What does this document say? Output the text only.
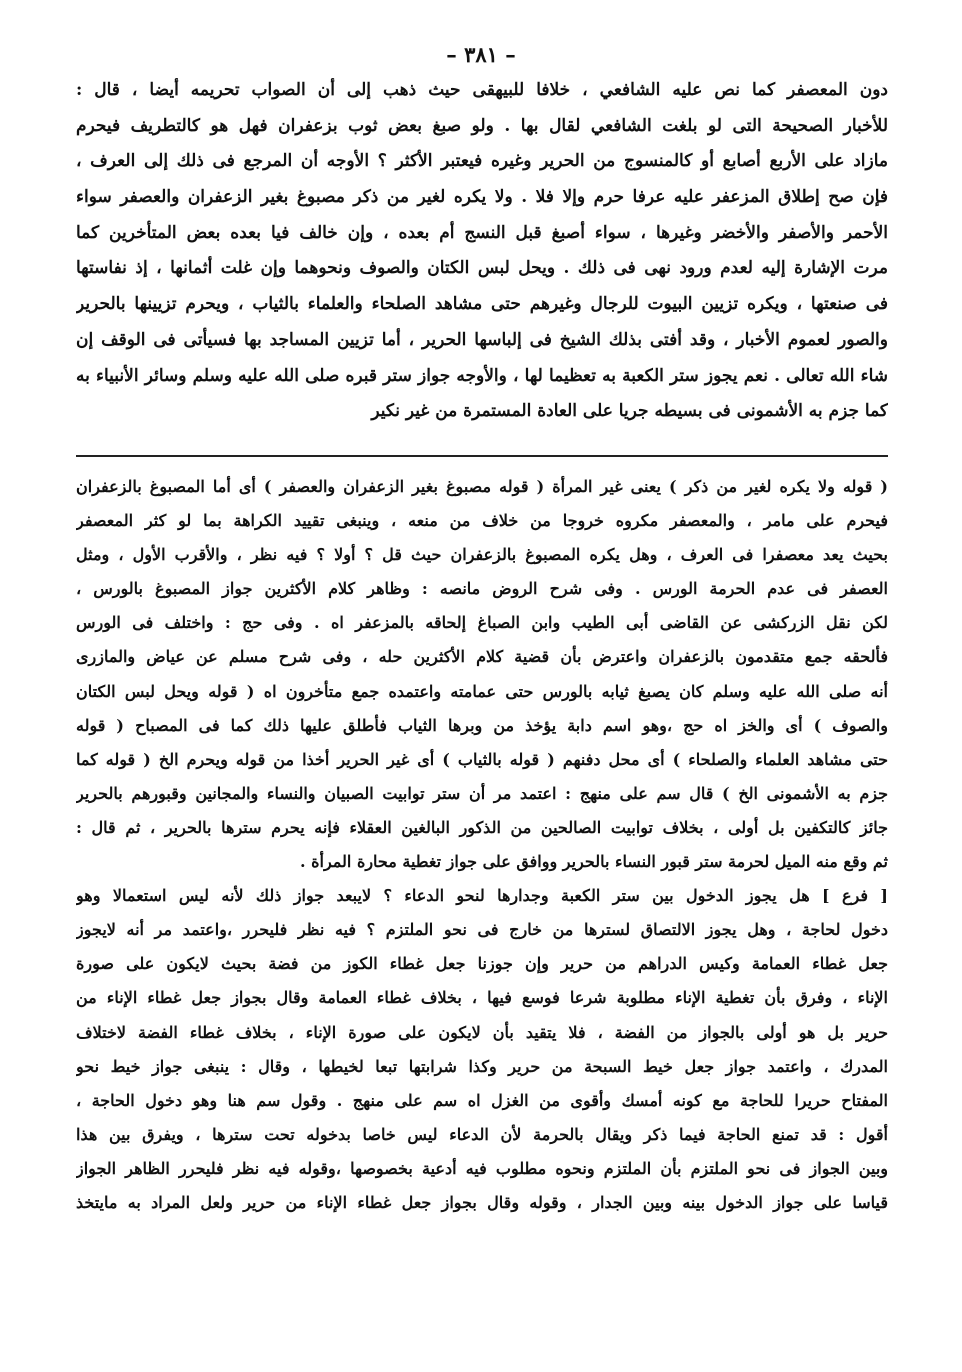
– ٣٨١ –
دون المعصفر كما نص عليه الشافعي ، خلافا للبيهقى حيث ذهب إلى أن الصواب تحريمه أيضا ، قال :
للأخبار الصحيحة التى لو بلغت الشافعي لقال بها . ولو صبغ بعض ثوب بزعفران فهل هو كالتطريف فيحرم
مازاد على الأربع أصابع أو كالمنسوج من الحرير وغيره فيعتبر الأكثر ؟ الأوجه أن المرجع فى ذلك إلى العرف ،
فإن صح إطلاق المزعفر عليه عرفا حرم وإلا فلا . ولا يكره لغير من ذكر مصبوغ بغير الزعفران والعصفر سواء
الأحمر والأصفر والأخضر وغيرها ، سواء أصبغ قبل النسج أم بعده ، وإن خالف فيا بعده بعض المتأخرين كما
مرت الإشارة إليه لعدم ورود نهى فى ذلك . ويحل لبس الكتان والصوف ونحوهما وإن غلت أثمانها ، إذ نفاستها
فى صنعتها ، ويكره تزيين البيوت للرجال وغيرهم حتى مشاهد الصلحاء والعلماء بالثياب ، ويحرم تزيينها بالحرير
والصور لعموم الأخبار ، وقد أفتى بذلك الشيخ فى إلباسها الحرير ، أما تزيين المساجد بها فسيأتى فى الوقف إن
شاء الله تعالى . نعم يجوز ستر الكعبة به تعظيما لها ، والأوجه جواز ستر قبره صلى الله عليه وسلم وسائر الأنبياء به
كما جزم به الأشمونى فى بسيطه جريا على العادة المستمرة من غير نكير
( قوله ولا يكره لغير من ذكر ) يعنى غير المرأة ( قوله مصبوغ بغير الزعفران والعصفر ) أى أما المصبوغ بالزعفران
فيحرم على مامر ، والمعصفر مكروه خروجا من خلاف من منعه ، وينبغى تقييد الكراهة بما لو كثر المعصفر
بحيث يعد معصفرا فى العرف ، وهل يكره المصبوغ بالزعفران حيث قل ؟ أولا ؟ فيه نظر ، والأقرب الأول ، ومثل
العصفر فى عدم الحرمة الورس . وفى شرح الروض مانصه : وظاهر كلام الأكثرين جواز المصبوغ بالورس ،
لكن نقل الزركشى عن القاضى أبى الطيب وابن الصباغ إلحاقه بالمزعفر اه . وفى حج : واختلف فى الورس
فألحقه جمع متقدمون بالزعفران واعترض بأن قضية كلام الأكثرين حله ، وفى شرح مسلم عن عياض والمازرى
أنه صلى الله عليه وسلم كان يصبغ ثيابه بالورس حتى عمامته واعتمده جمع متأخرون اه ( قوله ويحل لبس الكتان
والصوف ) أى والخز اه حج ،وهو اسم دابة يؤخذ من وبرها الثياب فأطلق عليها ذلك كما فى المصباح ( قوله
حتى مشاهد العلماء والصلحاء ) أى محل دفنهم ( قوله بالثياب ) أى غير الحرير أخذا من قوله ويحرم الخ ( قوله كما
جزم به الأشمونى الخ ) قال سم على منهج : اعتمد مر أن ستر توابيت الصبيان والنساء والمجانين وقبورهم بالحرير
جائز كالتكفين بل أولى ، بخلاف توابيت الصالحين من الذكور البالغين العقلاء فإنه يحرم سترها بالحرير ، ثم قال :
ثم وقع منه الميل لحرمة ستر قبور النساء بالحرير ووافق على جواز تغطية محارة المرأة .
[ فرع ] هل يجوز الدخول بين ستر الكعبة وجدارها لنحو الدعاء ؟ لايبعد جواز ذلك لأنه ليس استعمالا وهو
دخول لحاجة ، وهل يجوز الالتصاق لسترها من خارج فى نحو الملتزم ؟ فيه نظر فليحرر ،واعتمد مر أنه لايجوز
جعل غطاء العمامة وكيس الدراهم من حرير وإن جوزنا جعل غطاء الكوز من فضة بحيث لايكون على صورة
الإناء ، وفرق بأن تغطية الإناء مطلوبة شرعا فوسع فيها ، بخلاف غطاء العمامة وقال بجواز جعل غطاء الإناء من
حرير بل هو أولى بالجواز من الفضة ، فلا يتقيد بأن لايكون على صورة الإناء ، بخلاف غطاء الفضة لاختلاف
المدرك ، واعتمد جواز جعل خيط السبحة من حرير وكذا شرابتها تبعا لخيطها ، وقال : ينبغى جواز خيط نحو
المفتاح حريرا للحاجة مع كونه أمسك وأقوى من الغزل اه سم على منهج . وقول سم هنا وهو دخول الحاجة ،
أقول : قد تمنع الحاجة فيما ذكر ويقال بالحرمة لأن الدعاء ليس خاصا بدخوله تحت سترها ، ويفرق بين هذا
وبين الجواز فى نحو الملتزم بأن الملتزم ونحوه مطلوب فيه أدعية بخصوصها ،وقوله فيه نظر فليحرر الظاهر الجواز
قياسا على جواز الدخول بينه وبين الجدار ، وقوله وقال بجواز جعل غطاء الإناء من حرير ولعل المراد به مايتخذ
